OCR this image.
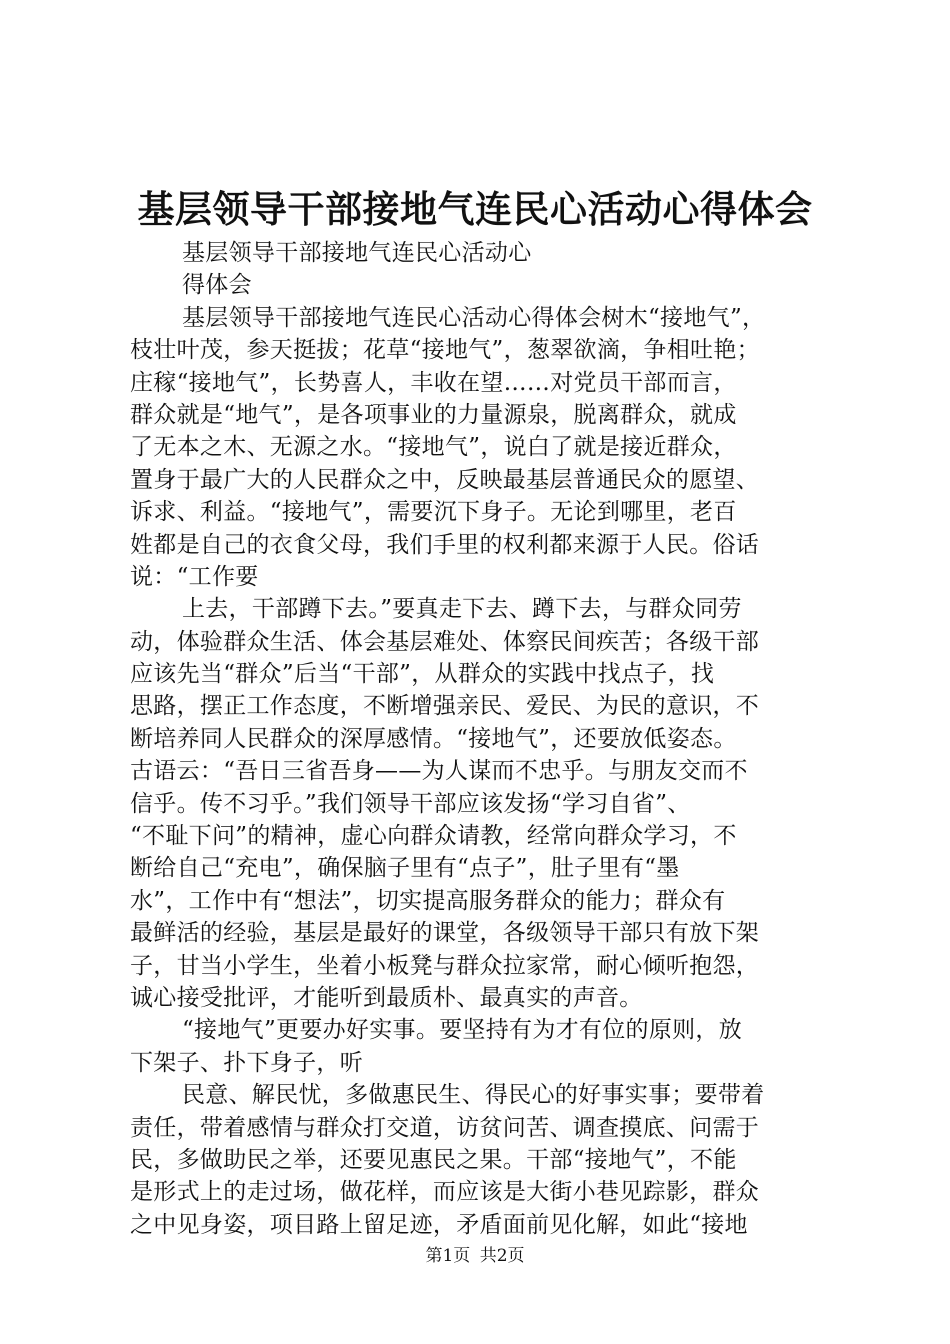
基层领导干部接地气连民心活动心得体会
基层领导干部接地气连民心活动心
得体会
基层领导干部接地气连民心活动心得体会树木“接地气”，
枝壮叶茂，参天挺拔；花草“接地气”，葱翠欲滴，争相吐艳；
庄稼“接地气”，长势喜人，丰收在望……对党员干部而言，
群众就是“地气”，是各项事业的力量源泉，脱离群众，就成
了无本之木、无源之水。“接地气”，说白了就是接近群众，
置身于最广大的人民群众之中，反映最基层普通民众的愿望、
诉求、利益。“接地气”，需要沉下身子。无论到哪里，老百
姓都是自己的衣食父母，我们手里的权利都来源于人民。俗话
说：“工作要
上去，干部蹲下去。”要真走下去、蹲下去，与群众同劳
动，体验群众生活、体会基层难处、体察民间疾苦；各级干部
应该先当“群众”后当“干部”，从群众的实践中找点子，找
思路，摆正工作态度，不断增强亲民、爱民、为民的意识，不
断培养同人民群众的深厚感情。“接地气”，还要放低姿态。
古语云：“吾日三省吾身——为人谋而不忠乎。与朋友交而不
信乎。传不习乎。”我们领导干部应该发扬“学习自省”、
“不耻下问”的精神，虚心向群众请教，经常向群众学习，不
断给自己“充电”，确保脑子里有“点子”，肚子里有“墨
水”，工作中有“想法”，切实提高服务群众的能力；群众有
最鲜活的经验，基层是最好的课堂，各级领导干部只有放下架
子，甘当小学生，坐着小板凳与群众拉家常，耐心倾听抱怨，
诚心接受批评，才能听到最质朴、最真实的声音。
“接地气”更要办好实事。要坚持有为才有位的原则，放
下架子、扑下身子，听
民意、解民忧，多做惠民生、得民心的好事实事；要带着
责任，带着感情与群众打交道，访贫问苦、调查摸底、问需于
民，多做助民之举，还要见惠民之果。干部“接地气”，不能
是形式上的走过场，做花样，而应该是大街小巷见踪影，群众
之中见身姿，项目路上留足迹，矛盾面前见化解，如此“接地
第1页 共2页
